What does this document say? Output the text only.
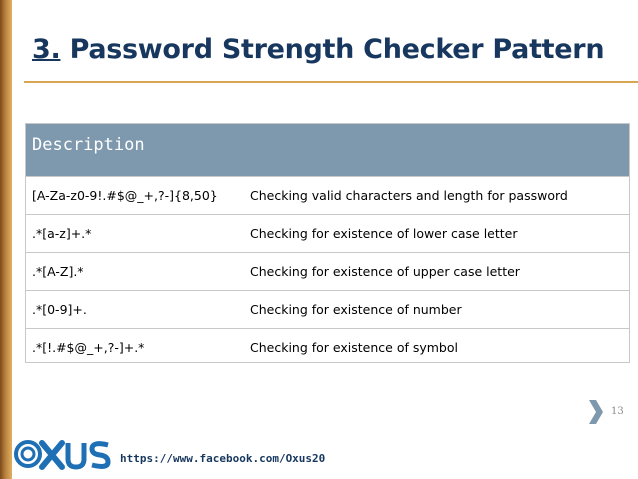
3. Password Strength Checker Pattern
Description
[A-Za-z0-9!.#$@_+,?-]{8,50}	Checking valid characters and length for password
.*[a-z]+.*	Checking for existence of lower case letter
.*[A-Z].*	Checking for existence of upper case letter
.*[0-9]+.	Checking for existence of number
.*[!.#$@_+,?-]+.*	Checking for existence of symbol
13
https://www.facebook.com/Oxus20
